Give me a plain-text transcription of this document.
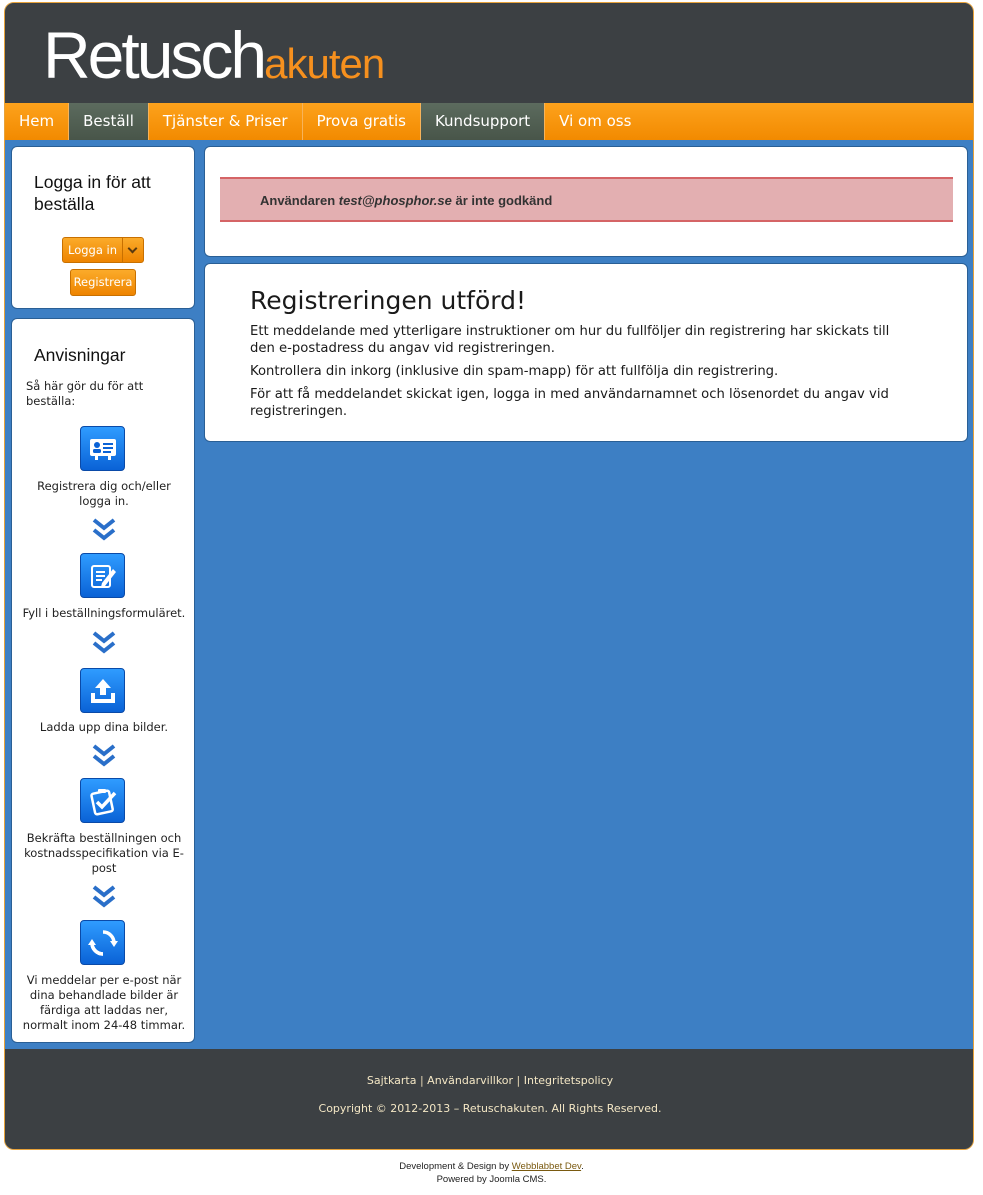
Retuschakuten
Hem	Beställ	Tjänster & Priser	Prova gratis	Kundsupport	Vi om oss
Logga in för att beställa
Logga in
Registrera
Anvisningar
Så här gör du för att beställa:
Registrera dig och/eller logga in.
Fyll i beställningsformuläret.
Ladda upp dina bilder.
Bekräfta beställningen och kostnadsspecifikation via E-post
Vi meddelar per e-post när dina behandlade bilder är färdiga att laddas ner, normalt inom 24-48 timmar.
Användaren test@phosphor.se är inte godkänd
Registreringen utförd!

Ett meddelande med ytterligare instruktioner om hur du fullföljer din registrering har skickats till den e-postadress du angav vid registreringen.

Kontrollera din inkorg (inklusive din spam-mapp) för att fullfölja din registrering.

För att få meddelandet skickat igen, logga in med användarnamnet och lösenordet du angav vid registreringen.

Sajtkarta | Användarvillkor | Integritetspolicy
Copyright © 2012-2013 – Retuschakuten. All Rights Reserved.
Development & Design by Webblabbet Dev.
Powered by Joomla CMS.
